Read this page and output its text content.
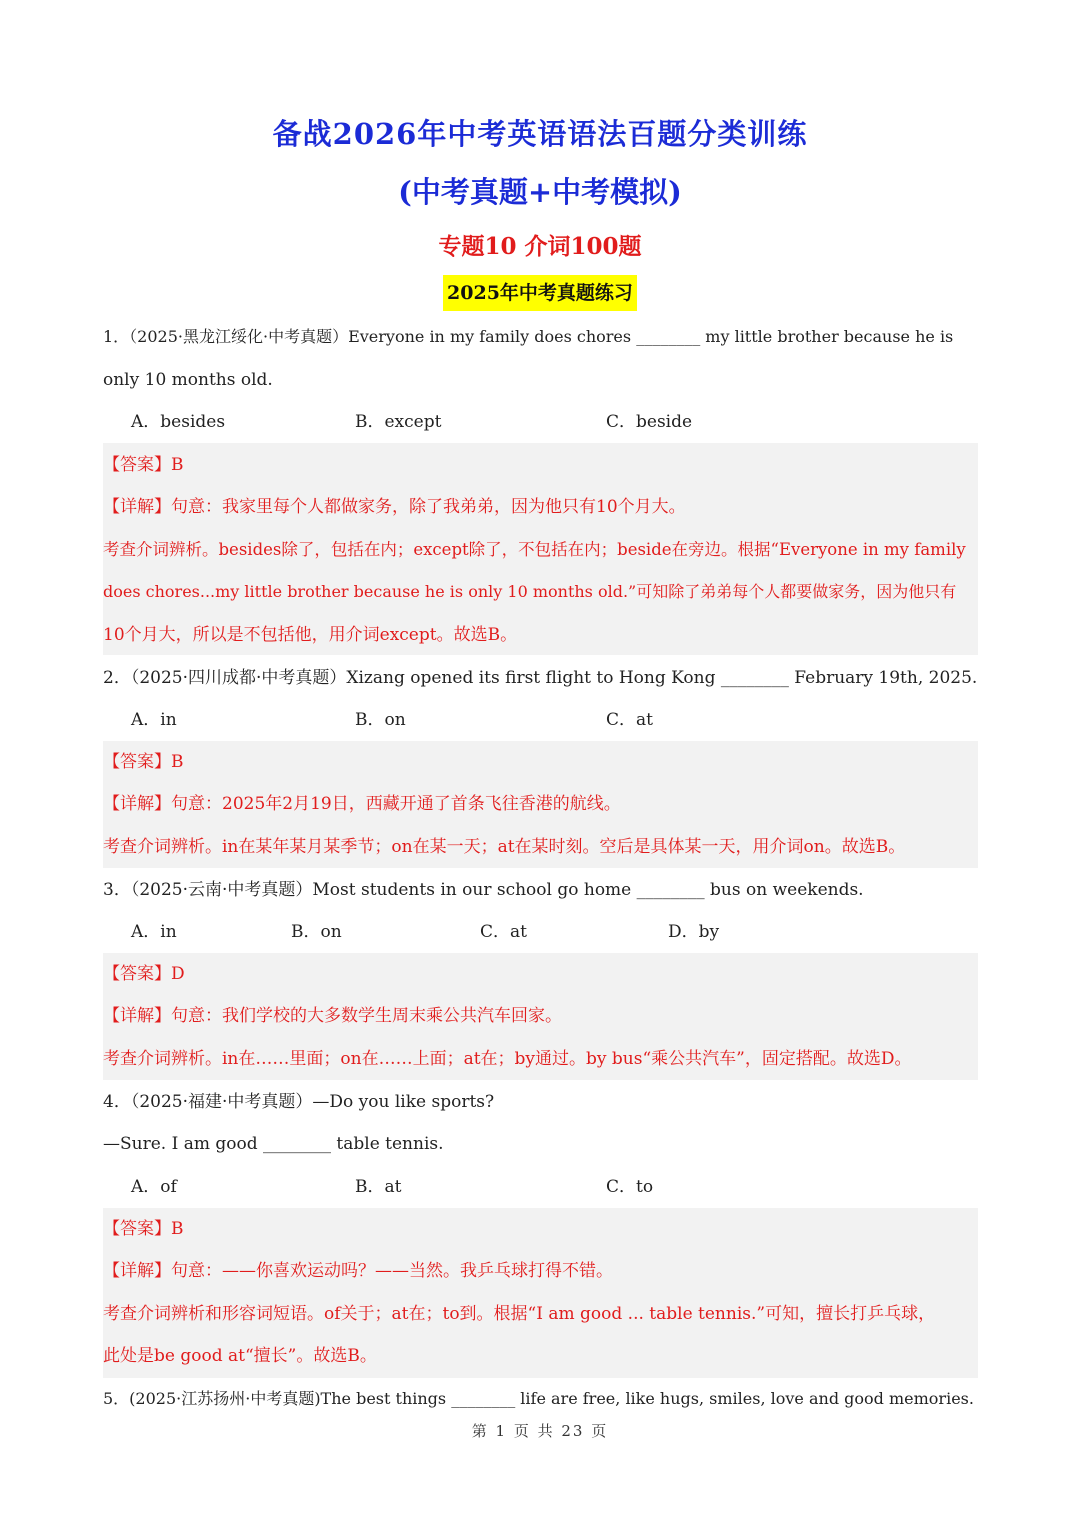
备战2026年中考英语语法百题分类训练
(中考真题+中考模拟)
专题10 介词100题
2025年中考真题练习
1．（2025·黑龙江绥化·中考真题）Everyone in my family does chores ________ my little brother because he is
only 10 months old.
A．besides	B．except	C．beside
【答案】B
【详解】句意：我家里每个人都做家务，除了我弟弟，因为他只有10个月大。
考查介词辨析。besides除了，包括在内；except除了，不包括在内；beside在旁边。根据“Everyone in my family
does chores...my little brother because he is only 10 months old.”可知除了弟弟每个人都要做家务，因为他只有
10个月大，所以是不包括他，用介词except。故选B。
2．（2025·四川成都·中考真题）Xizang opened its first flight to Hong Kong ________ February 19th, 2025.
A．in	B．on	C．at
【答案】B
【详解】句意：2025年2月19日，西藏开通了首条飞往香港的航线。
考查介词辨析。in在某年某月某季节；on在某一天；at在某时刻。空后是具体某一天，用介词on。故选B。
3．（2025·云南·中考真题）Most students in our school go home ________ bus on weekends.
A．in	B．on	C．at	D．by
【答案】D
【详解】句意：我们学校的大多数学生周末乘公共汽车回家。
考查介词辨析。in在……里面；on在……上面；at在；by通过。by bus“乘公共汽车”，固定搭配。故选D。
4．（2025·福建·中考真题）—Do you like sports?
—Sure. I am good ________ table tennis.
A．of	B．at	C．to
【答案】B
【详解】句意：——你喜欢运动吗？——当然。我乒乓球打得不错。
考查介词辨析和形容词短语。of关于；at在；to到。根据“I am good ... table tennis.”可知，擅长打乒乓球，
此处是be good at“擅长”。故选B。
5．(2025·江苏扬州·中考真题)The best things ________ life are free, like hugs, smiles, love and good memories.
第 1 页 共 23 页
